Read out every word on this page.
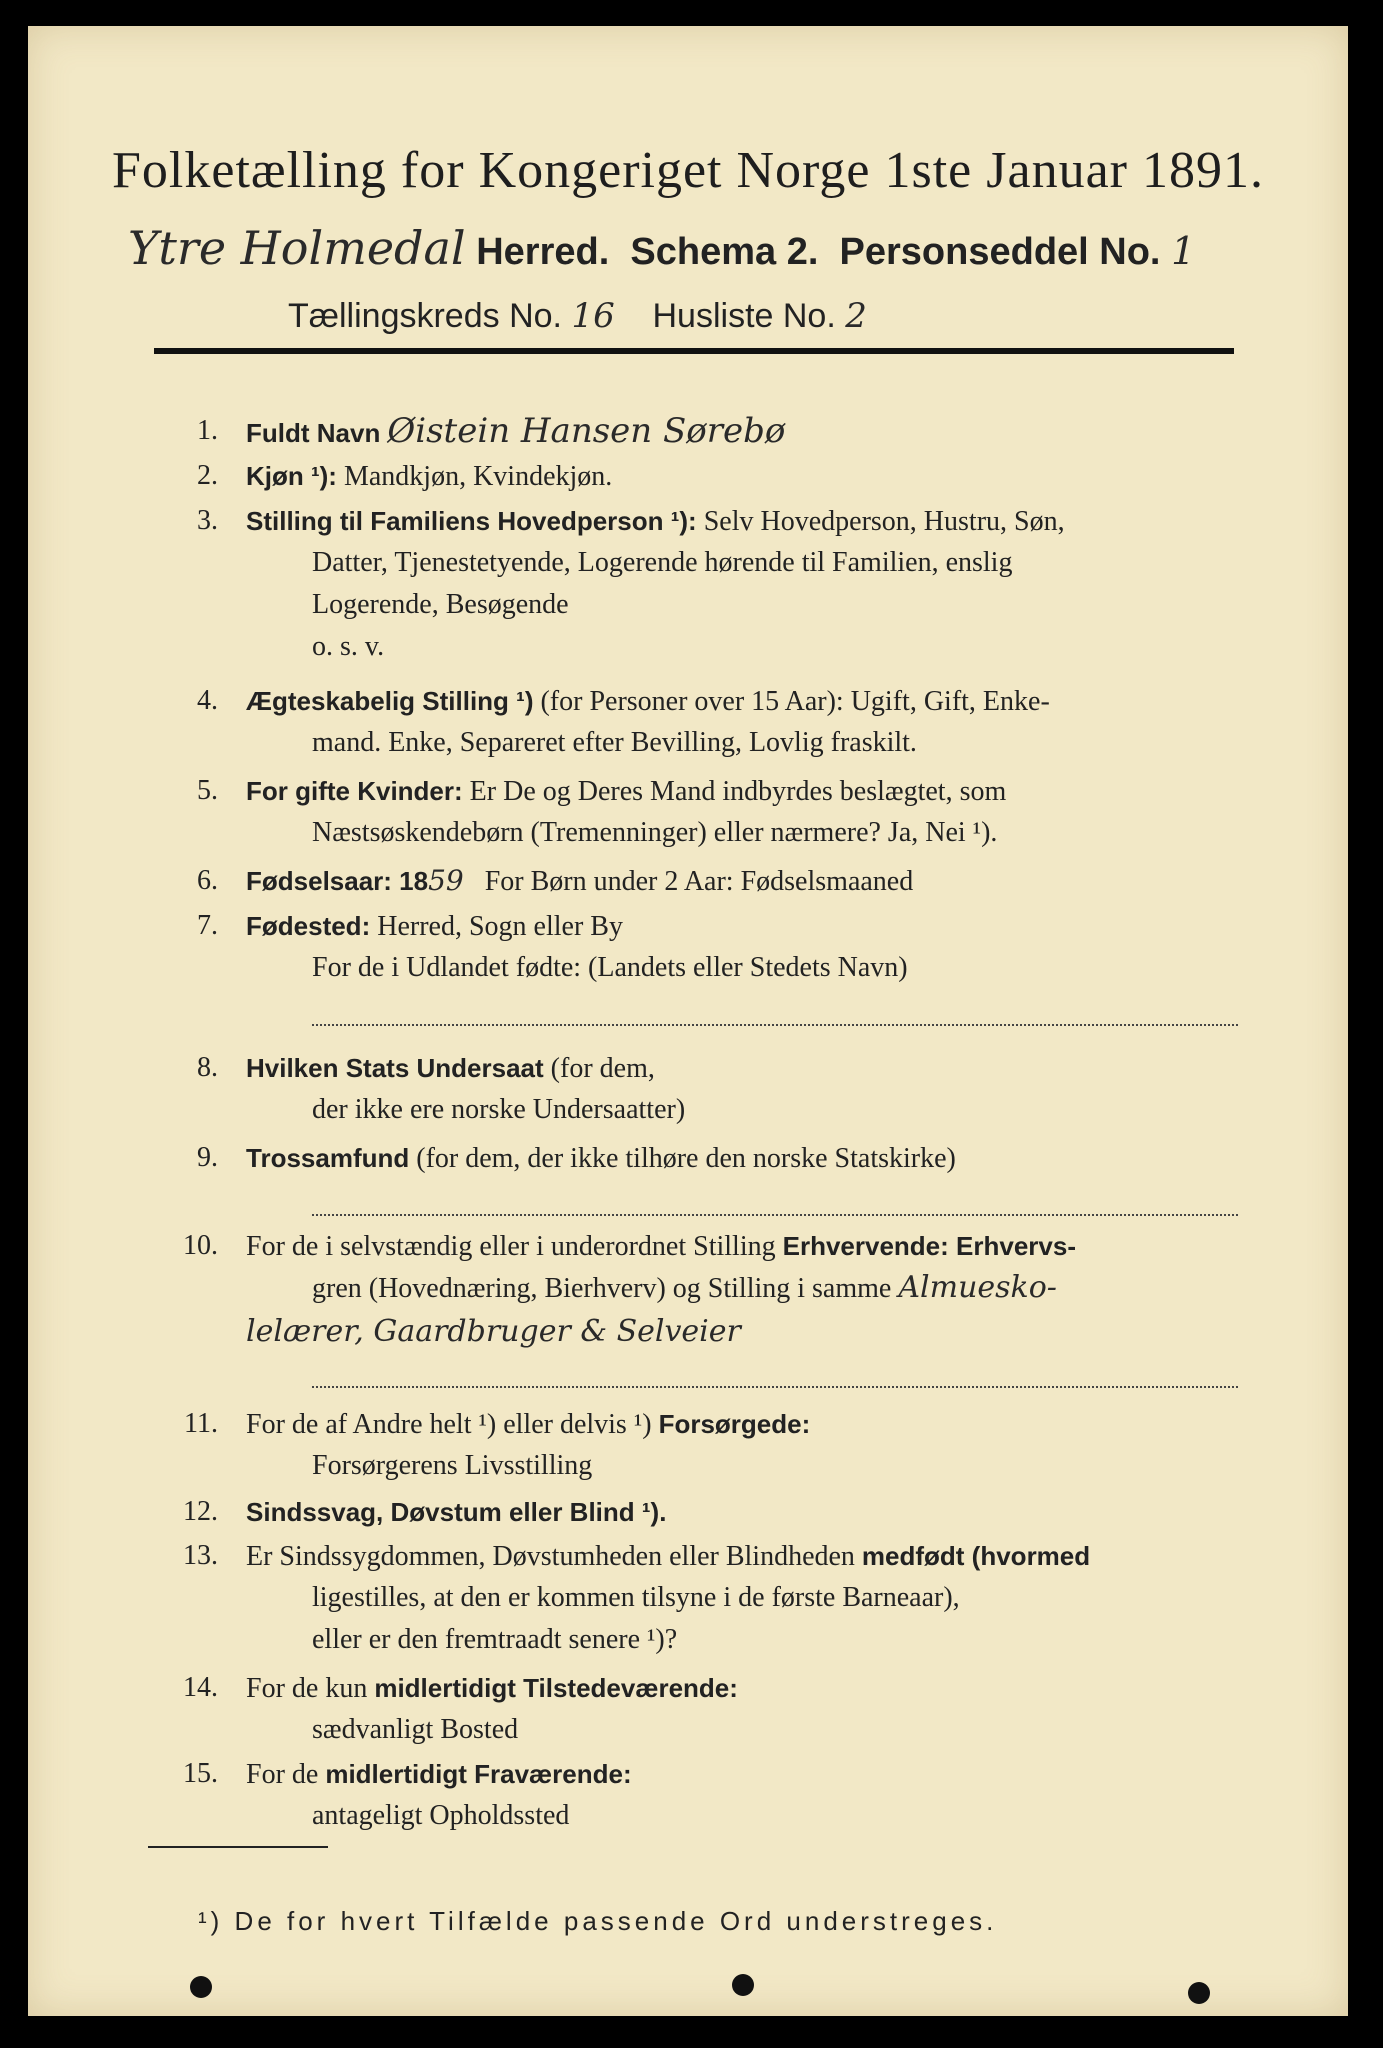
Folketælling for Kongeriget Norge 1ste Januar 1891.
Ytre Holmedal Herred. Schema 2. Personseddel No. 1
Tællingskreds No. 16 Husliste No. 2
1. Fuldt Navn Øistein Hansen Sørebø
2. Kjøn ¹): Mandkjøn, Kvindekjøn.
3. Stilling til Familiens Hovedperson ¹): Selv Hovedperson, Hustru, Søn,
Datter, Tjenestetyende, Logerende hørende til Familien, enslig
Logerende, Besøgende
o. s. v.
4. Ægteskabelig Stilling ¹) (for Personer over 15 Aar): Ugift, Gift, Enke-
mand. Enke, Separeret efter Bevilling, Lovlig fraskilt.
5. For gifte Kvinder: Er De og Deres Mand indbyrdes beslægtet, som
Næstsøskendebørn (Tremenninger) eller nærmere? Ja, Nei ¹).
6. Fødselsaar: 1859 For Børn under 2 Aar: Fødselsmaaned
7. Fødested: Herred, Sogn eller By
For de i Udlandet fødte: (Landets eller Stedets Navn)
8. Hvilken Stats Undersaat (for dem,
der ikke ere norske Undersaatter)
9. Trossamfund (for dem, der ikke tilhøre den norske Statskirke)
10. For de i selvstændig eller i underordnet Stilling Erhvervende: Erhvervs-
gren (Hovednæring, Bierhverv) og Stilling i samme Almuesko-
lelærer, Gaardbruger & Selveier
11. For de af Andre helt ¹) eller delvis ¹) Forsørgede:
Forsørgerens Livsstilling
12. Sindssvag, Døvstum eller Blind ¹).
13. Er Sindssygdommen, Døvstumheden eller Blindheden medfødt (hvormed
ligestilles, at den er kommen tilsyne i de første Barneaar),
eller er den fremtraadt senere ¹)?
14. For de kun midlertidigt Tilstedeværende:
sædvanligt Bosted
15. For de midlertidigt Fraværende:
antageligt Opholdssted
¹) De for hvert Tilfælde passende Ord understreges.
